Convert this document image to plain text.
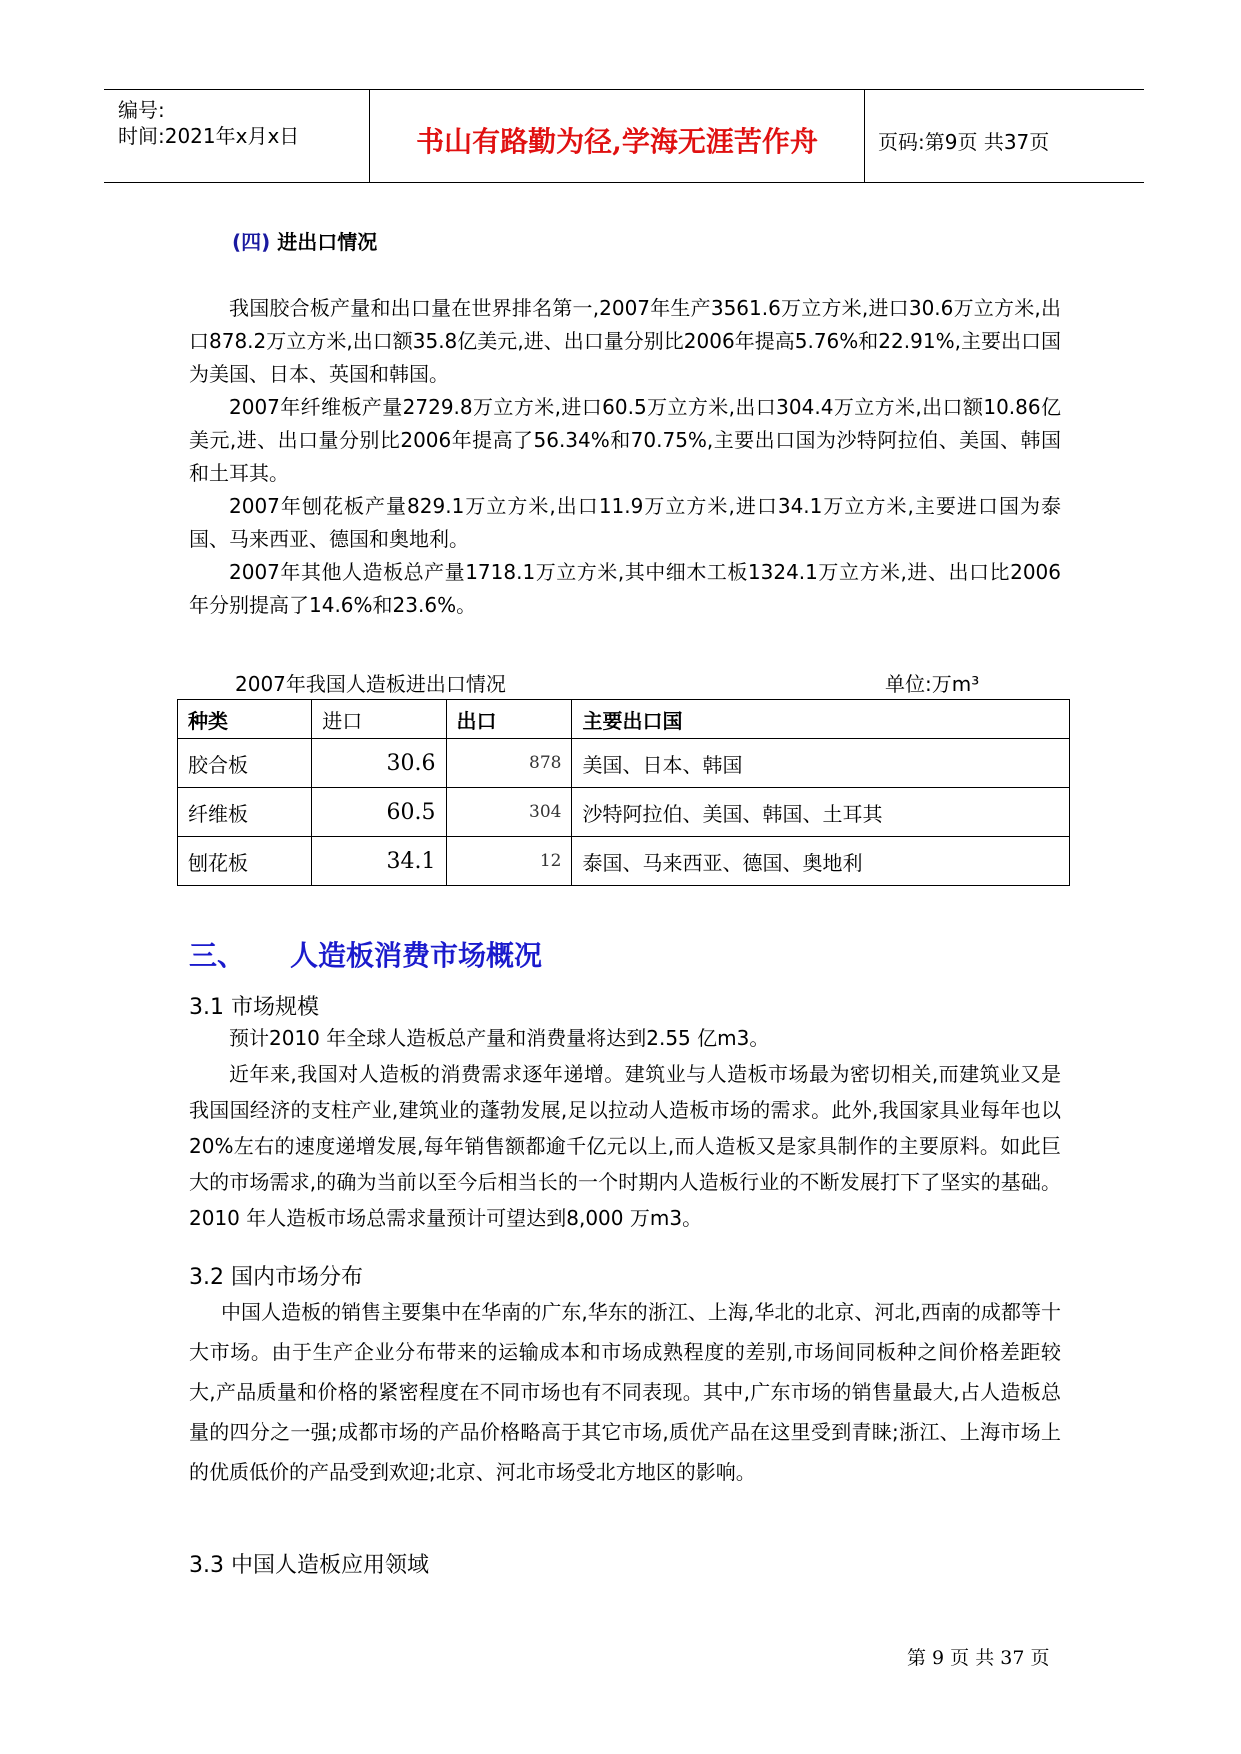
编号:
时间:2021年x月x日	书山有路勤为径,学海无涯苦作舟	页码:第9页 共37页
(四) 进出口情况

我国胶合板产量和出口量在世界排名第一,2007年生产3561.6万立方米,进口30.6万立方米,出口878.2万立方米,出口额35.8亿美元,进、出口量分别比2006年提高5.76%和22.91%,主要出口国为美国、日本、英国和韩国。

2007年纤维板产量2729.8万立方米,进口60.5万立方米,出口304.4万立方米,出口额10.86亿美元,进、出口量分别比2006年提高了56.34%和70.75%,主要出口国为沙特阿拉伯、美国、韩国和土耳其。

2007年刨花板产量829.1万立方米,出口11.9万立方米,进口34.1万立方米,主要进口国为泰国、马来西亚、德国和奥地利。

2007年其他人造板总产量1718.1万立方米,其中细木工板1324.1万立方米,进、出口比2006年分别提高了14.6%和23.6%。

2007年我国人造板进出口情况	单位:万m³
种类	进口	出口	主要出口国
胶合板	30.6	878	美国、日本、韩国
纤维板	60.5	304	沙特阿拉伯、美国、韩国、土耳其
刨花板	34.1	12	泰国、马来西亚、德国、奥地利
三、 人造板消费市场概况
3.1 市场规模

预计2010 年全球人造板总产量和消费量将达到2.55 亿m3。

近年来,我国对人造板的消费需求逐年递增。建筑业与人造板市场最为密切相关,而建筑业又是我国国经济的支柱产业,建筑业的蓬勃发展,足以拉动人造板市场的需求。此外,我国家具业每年也以20%左右的速度递增发展,每年销售额都逾千亿元以上,而人造板又是家具制作的主要原料。如此巨大的市场需求,的确为当前以至今后相当长的一个时期内人造板行业的不断发展打下了坚实的基础。2010 年人造板市场总需求量预计可望达到8,000 万m3。

3.2 国内市场分布

中国人造板的销售主要集中在华南的广东,华东的浙江、上海,华北的北京、河北,西南的成都等十大市场。由于生产企业分布带来的运输成本和市场成熟程度的差别,市场间同板种之间价格差距较大,产品质量和价格的紧密程度在不同市场也有不同表现。其中,广东市场的销售量最大,占人造板总量的四分之一强;成都市场的产品价格略高于其它市场,质优产品在这里受到青睐;浙江、上海市场上的优质低价的产品受到欢迎;北京、河北市场受北方地区的影响。

3.3 中国人造板应用领域
第 9 页 共 37 页
